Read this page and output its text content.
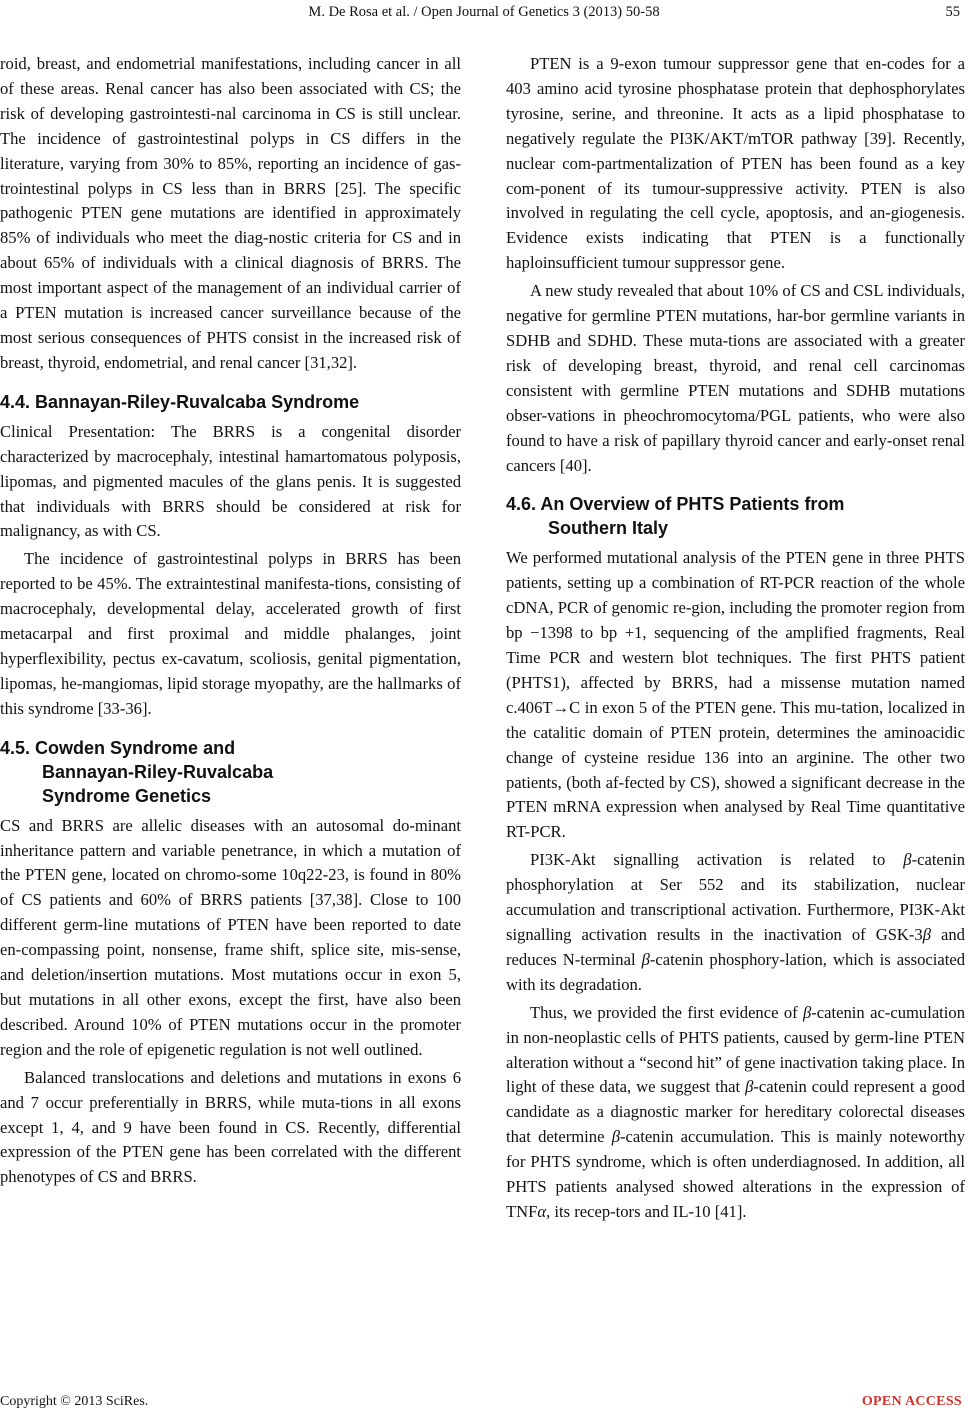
M. De Rosa et al. / Open Journal of Genetics 3 (2013) 50-58	55

roid, breast, and endometrial manifestations, including cancer in all of these areas. Renal cancer has also been associated with CS; the risk of developing gastrointesti-nal carcinoma in CS is still unclear. The incidence of gastrointestinal polyps in CS differs in the literature, varying from 30% to 85%, reporting an incidence of gas-trointestinal polyps in CS less than in BRRS [25]. The specific pathogenic PTEN gene mutations are identified in approximately 85% of individuals who meet the diag-nostic criteria for CS and in about 65% of individuals with a clinical diagnosis of BRRS. The most important aspect of the management of an individual carrier of a PTEN mutation is increased cancer surveillance because of the most serious consequences of PHTS consist in the increased risk of breast, thyroid, endometrial, and renal cancer [31,32].

4.4. Bannayan-Riley-Ruvalcaba Syndrome

Clinical Presentation: The BRRS is a congenital disorder characterized by macrocephaly, intestinal hamartomatous polyposis, lipomas, and pigmented macules of the glans penis. It is suggested that individuals with BRRS should be considered at risk for malignancy, as with CS.

The incidence of gastrointestinal polyps in BRRS has been reported to be 45%. The extraintestinal manifesta-tions, consisting of macrocephaly, developmental delay, accelerated growth of first metacarpal and first proximal and middle phalanges, joint hyperflexibility, pectus ex-cavatum, scoliosis, genital pigmentation, lipomas, he-mangiomas, lipid storage myopathy, are the hallmarks of this syndrome [33-36].

4.5. Cowden Syndrome and
Bannayan-Riley-Ruvalcaba
Syndrome Genetics

CS and BRRS are allelic diseases with an autosomal do-minant inheritance pattern and variable penetrance, in which a mutation of the PTEN gene, located on chromo-some 10q22-23, is found in 80% of CS patients and 60% of BRRS patients [37,38]. Close to 100 different germ-line mutations of PTEN have been reported to date en-compassing point, nonsense, frame shift, splice site, mis-sense, and deletion/insertion mutations. Most mutations occur in exon 5, but mutations in all other exons, except the first, have also been described. Around 10% of PTEN mutations occur in the promoter region and the role of epigenetic regulation is not well outlined.

Balanced translocations and deletions and mutations in exons 6 and 7 occur preferentially in BRRS, while muta-tions in all exons except 1, 4, and 9 have been found in CS. Recently, differential expression of the PTEN gene has been correlated with the different phenotypes of CS and BRRS.

PTEN is a 9-exon tumour suppressor gene that en-codes for a 403 amino acid tyrosine phosphatase protein that dephosphorylates tyrosine, serine, and threonine. It acts as a lipid phosphatase to negatively regulate the PI3K/AKT/mTOR pathway [39]. Recently, nuclear com-partmentalization of PTEN has been found as a key com-ponent of its tumour-suppressive activity. PTEN is also involved in regulating the cell cycle, apoptosis, and an-giogenesis. Evidence exists indicating that PTEN is a functionally haploinsufficient tumour suppressor gene.

A new study revealed that about 10% of CS and CSL individuals, negative for germline PTEN mutations, har-bor germline variants in SDHB and SDHD. These muta-tions are associated with a greater risk of developing breast, thyroid, and renal cell carcinomas consistent with germline PTEN mutations and SDHB mutations obser-vations in pheochromocytoma/PGL patients, who were also found to have a risk of papillary thyroid cancer and early-onset renal cancers [40].

4.6. An Overview of PHTS Patients from
Southern Italy

We performed mutational analysis of the PTEN gene in three PHTS patients, setting up a combination of RT-PCR reaction of the whole cDNA, PCR of genomic re-gion, including the promoter region from bp −1398 to bp +1, sequencing of the amplified fragments, Real Time PCR and western blot techniques. The first PHTS patient (PHTS1), affected by BRRS, had a missense mutation named c.406T→C in exon 5 of the PTEN gene. This mu-tation, localized in the catalitic domain of PTEN protein, determines the aminoacidic change of cysteine residue 136 into an arginine. The other two patients, (both af-fected by CS), showed a significant decrease in the PTEN mRNA expression when analysed by Real Time quantitative RT-PCR.

PI3K-Akt signalling activation is related to β-catenin phosphorylation at Ser 552 and its stabilization, nuclear accumulation and transcriptional activation. Furthermore, PI3K-Akt signalling activation results in the inactivation of GSK-3β and reduces N-terminal β-catenin phosphory-lation, which is associated with its degradation.

Thus, we provided the first evidence of β-catenin ac-cumulation in non-neoplastic cells of PHTS patients, caused by germ-line PTEN alteration without a “second hit” of gene inactivation taking place. In light of these data, we suggest that β-catenin could represent a good candidate as a diagnostic marker for hereditary colorectal diseases that determine β-catenin accumulation. This is mainly noteworthy for PHTS syndrome, which is often underdiagnosed. In addition, all PHTS patients analysed showed alterations in the expression of TNFα, its recep-tors and IL-10 [41].

Copyright © 2013 SciRes.	OPEN ACCESS
